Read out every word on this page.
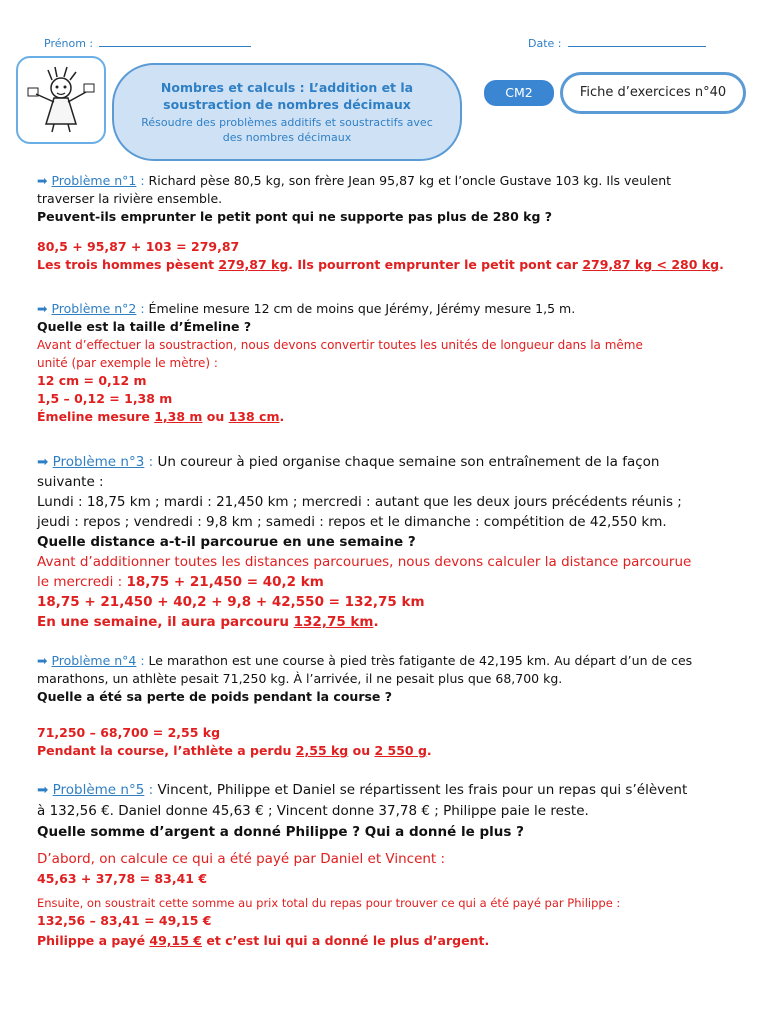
Prénom :	Date :
Nombres et calculs : L’addition et la
soustraction de nombres décimaux
Résoudre des problèmes additifs et soustractifs avec
des nombres décimaux
CM2	Fiche d’exercices n°40
➡ Problème n°1 : Richard pèse 80,5 kg, son frère Jean 95,87 kg et l’oncle Gustave 103 kg. Ils veulent
traverser la rivière ensemble.
Peuvent-ils emprunter le petit pont qui ne supporte pas plus de 280 kg ?
80,5 + 95,87 + 103 = 279,87
Les trois hommes pèsent 279,87 kg. Ils pourront emprunter le petit pont car 279,87 kg < 280 kg.
➡ Problème n°2 : Émeline mesure 12 cm de moins que Jérémy, Jérémy mesure 1,5 m.
Quelle est la taille d’Émeline ?
Avant d’effectuer la soustraction, nous devons convertir toutes les unités de longueur dans la même
unité (par exemple le mètre) :
12 cm = 0,12 m
1,5 – 0,12 = 1,38 m
Émeline mesure 1,38 m ou 138 cm.
➡ Problème n°3 : Un coureur à pied organise chaque semaine son entraînement de la façon
suivante :
Lundi : 18,75 km ; mardi : 21,450 km ; mercredi : autant que les deux jours précédents réunis ;
jeudi : repos ; vendredi : 9,8 km ; samedi : repos et le dimanche : compétition de 42,550 km.
Quelle distance a-t-il parcourue en une semaine ?
Avant d’additionner toutes les distances parcourues, nous devons calculer la distance parcourue
le mercredi : 18,75 + 21,450 = 40,2 km
18,75 + 21,450 + 40,2 + 9,8 + 42,550 = 132,75 km
En une semaine, il aura parcouru 132,75 km.
➡ Problème n°4 : Le marathon est une course à pied très fatigante de 42,195 km. Au départ d’un de ces
marathons, un athlète pesait 71,250 kg. À l’arrivée, il ne pesait plus que 68,700 kg.
Quelle a été sa perte de poids pendant la course ?
71,250 – 68,700 = 2,55 kg
Pendant la course, l’athlète a perdu 2,55 kg ou 2 550 g.
➡ Problème n°5 : Vincent, Philippe et Daniel se répartissent les frais pour un repas qui s’élèvent
à 132,56 €. Daniel donne 45,63 € ; Vincent donne 37,78 € ; Philippe paie le reste.
Quelle somme d’argent a donné Philippe ? Qui a donné le plus ?
D’abord, on calcule ce qui a été payé par Daniel et Vincent :
45,63 + 37,78 = 83,41 €
Ensuite, on soustrait cette somme au prix total du repas pour trouver ce qui a été payé par Philippe :
132,56 – 83,41 = 49,15 €
Philippe a payé 49,15 € et c’est lui qui a donné le plus d’argent.
